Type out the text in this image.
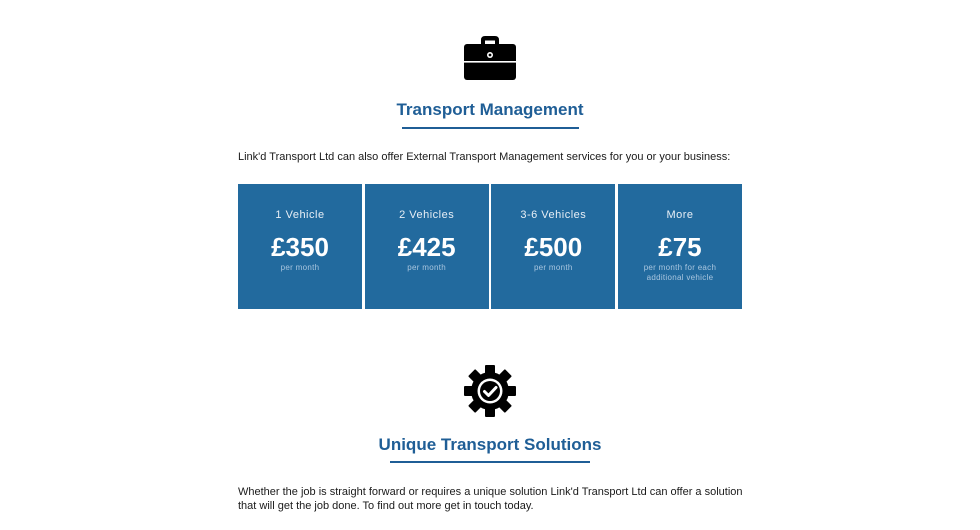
Transport Management

Link'd Transport Ltd can also offer External Transport Management services for you or your business:

1 Vehicle
£350
per month
2 Vehicles
£425
per month
3-6 Vehicles
£500
per month
More
£75
per month for each additional vehicle
Unique Transport Solutions

Whether the job is straight forward or requires a unique solution Link'd Transport Ltd can offer a solution that will get the job done. To find out more get in touch today.
